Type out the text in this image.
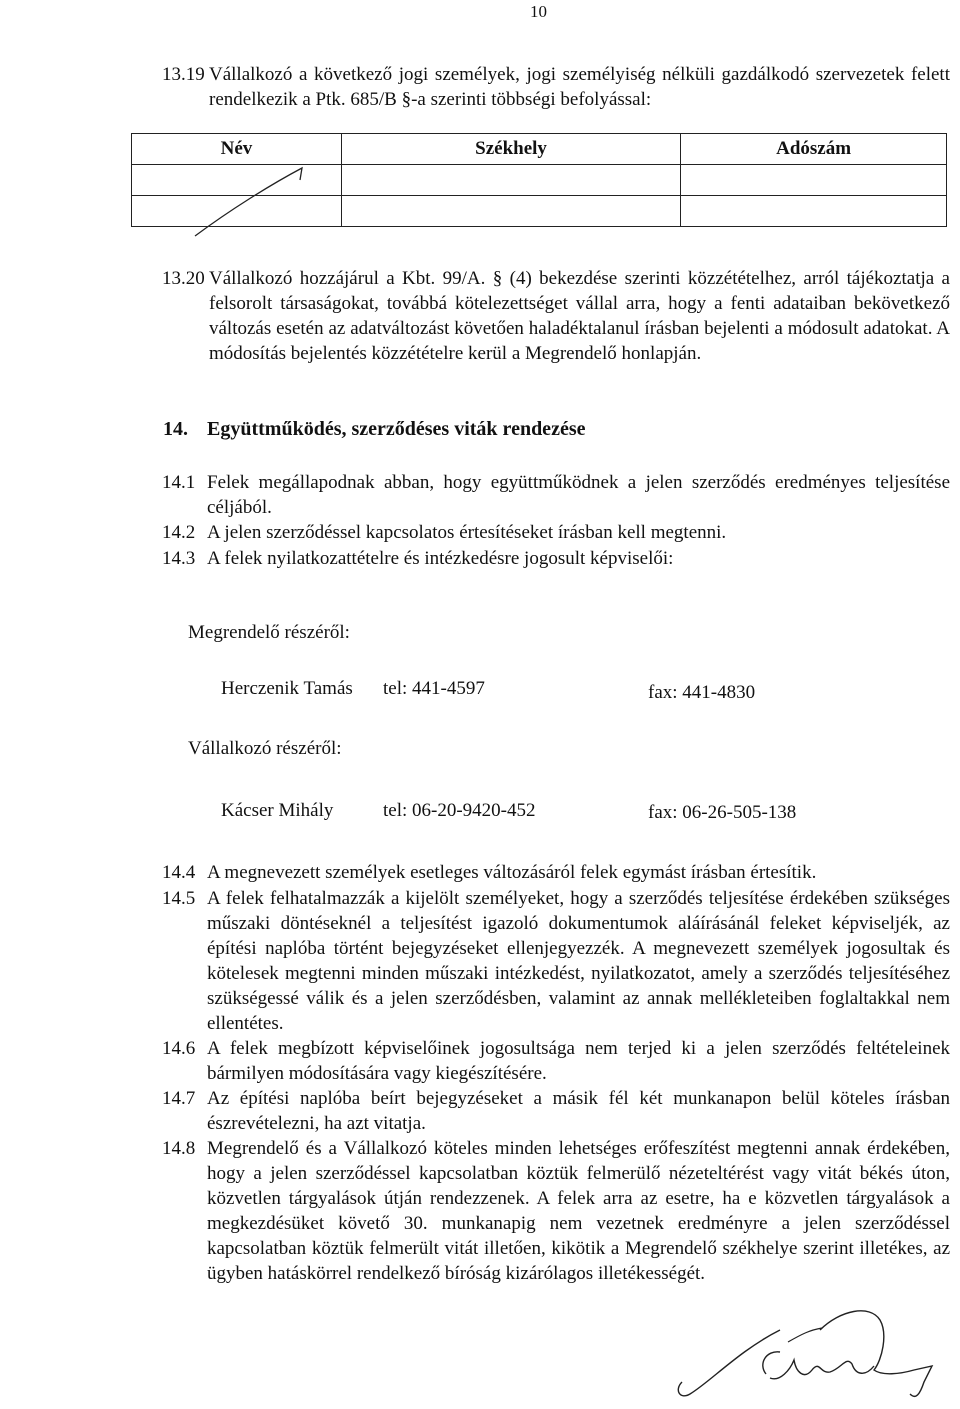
10
13.19 Vállalkozó a következő jogi személyek, jogi személyiség nélküli gazdálkodó szervezetek felett rendelkezik a Ptk. 685/B §-a szerinti többségi befolyással:
Név	Székhely	Adószám

13.20 Vállalkozó hozzájárul a Kbt. 99/A. § (4) bekezdése szerinti közzétételhez, arról tájékoztatja a felsorolt társaságokat, továbbá kötelezettséget vállal arra, hogy a fenti adataiban bekövetkező változás esetén az adatváltozást követően haladéktalanul írásban bejelenti a módosult adatokat. A módosítás bejelentés közzétételre kerül a Megrendelő honlapján.
14. Együttműködés, szerződéses viták rendezése
14.1 Felek megállapodnak abban, hogy együttműködnek a jelen szerződés eredményes teljesítése céljából.
14.2 A jelen szerződéssel kapcsolatos értesítéseket írásban kell megtenni.
14.3 A felek nyilatkozattételre és intézkedésre jogosult képviselői:
Megrendelő részéről:
Herczenik Tamás tel: 441-4597	fax: 441-4830
Vállalkozó részéről:
Kácser Mihály	tel: 06-20-9420-452	fax: 06-26-505-138
14.4 A megnevezett személyek esetleges változásáról felek egymást írásban értesítik.
14.5 A felek felhatalmazzák a kijelölt személyeket, hogy a szerződés teljesítése érdekében szükséges műszaki döntéseknél a teljesítést igazoló dokumentumok aláírásánál feleket képviseljék, az építési naplóba történt bejegyzéseket ellenjegyezzék. A megnevezett személyek jogosultak és kötelesek megtenni minden műszaki intézkedést, nyilatkozatot, amely a szerződés teljesítéséhez szükségessé válik és a jelen szerződésben, valamint az annak mellékleteiben foglaltakkal nem ellentétes.
14.6 A felek megbízott képviselőinek jogosultsága nem terjed ki a jelen szerződés feltételeinek bármilyen módosítására vagy kiegészítésére.
14.7 Az építési naplóba beírt bejegyzéseket a másik fél két munkanapon belül köteles írásban észrevételezni, ha azt vitatja.
14.8 Megrendelő és a Vállalkozó köteles minden lehetséges erőfeszítést megtenni annak érdekében, hogy a jelen szerződéssel kapcsolatban köztük felmerülő nézeteltérést vagy vitát békés úton, közvetlen tárgyalások útján rendezzenek. A felek arra az esetre, ha e közvetlen tárgyalások a megkezdésüket követő 30. munkanapig nem vezetnek eredményre a jelen szerződéssel kapcsolatban köztük felmerült vitát illetően, kikötik a Megrendelő székhelye szerint illetékes, az ügyben hatáskörrel rendelkező bíróság kizárólagos illetékességét.
